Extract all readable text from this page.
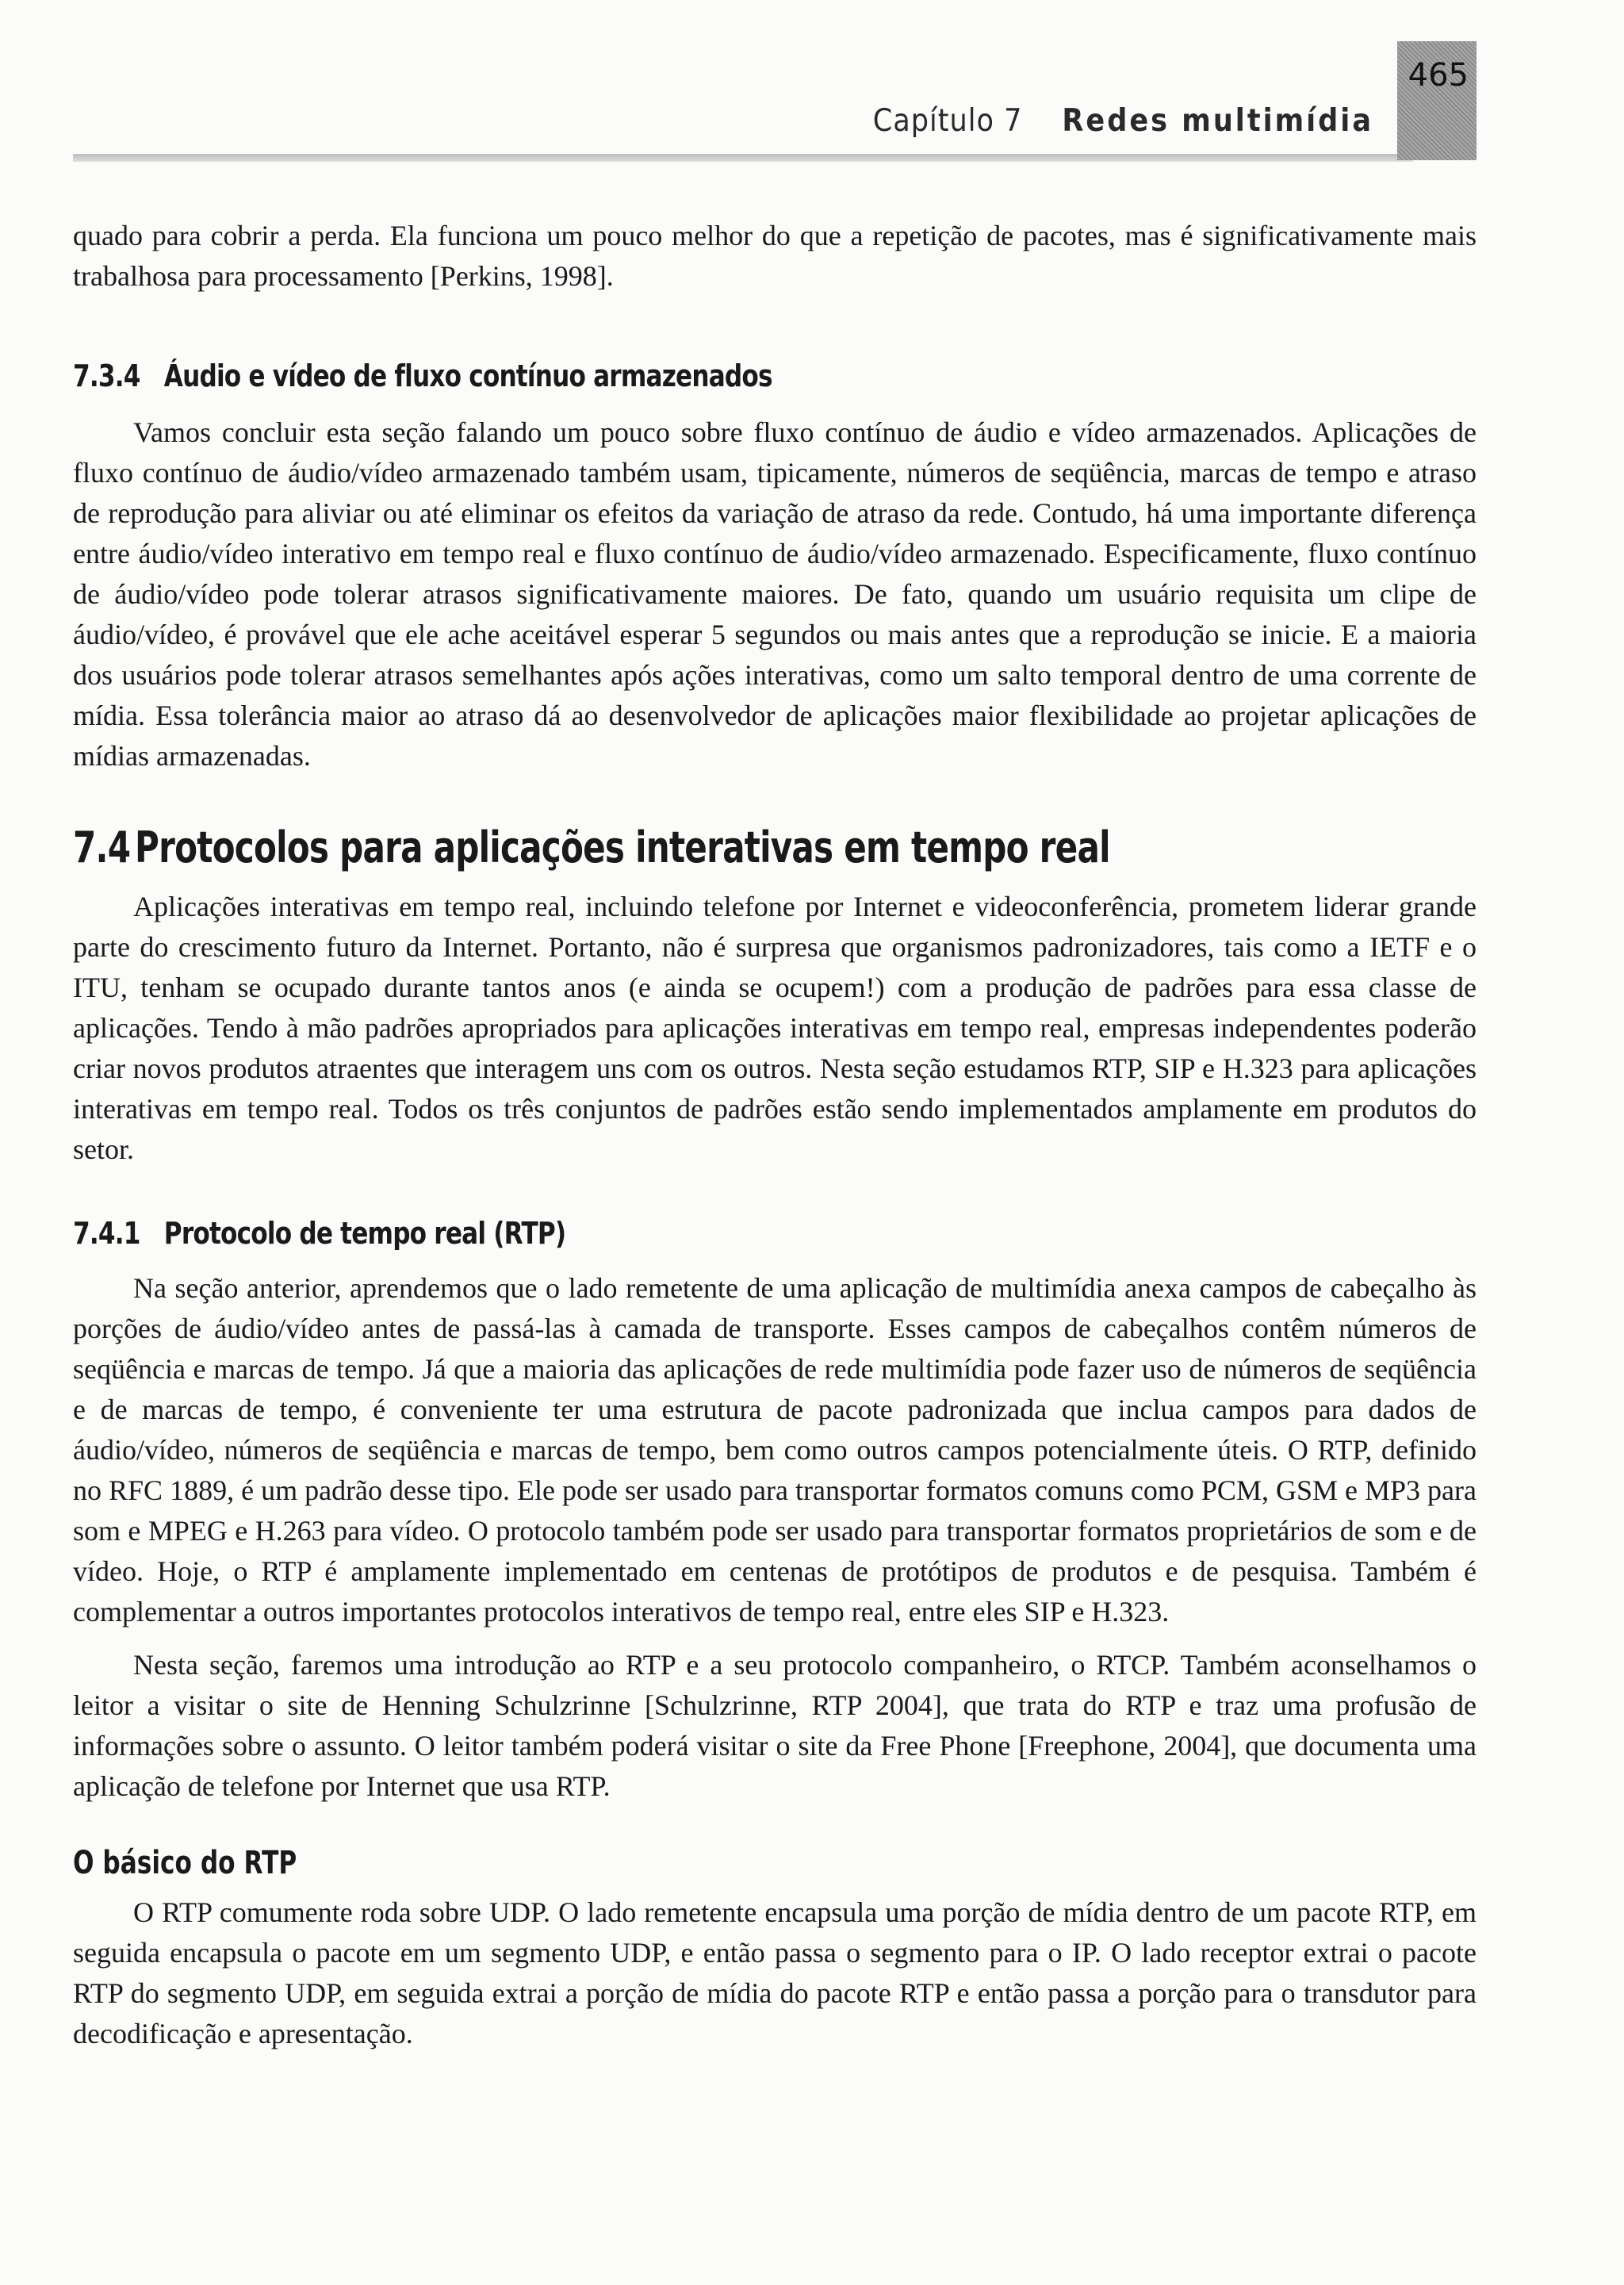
Capítulo 7 Redes multimídia
465

quado para cobrir a perda. Ela funciona um pouco melhor do que a repetição de pacotes, mas é significativamente mais trabalhosa para processamento [Perkins, 1998].

7.3.4 Áudio e vídeo de fluxo contínuo armazenados

Vamos concluir esta seção falando um pouco sobre fluxo contínuo de áudio e vídeo armazenados. Aplicações de fluxo contínuo de áudio/vídeo armazenado também usam, tipicamente, números de seqüência, marcas de tempo e atraso de reprodução para aliviar ou até eliminar os efeitos da variação de atraso da rede. Contudo, há uma importante diferença entre áudio/vídeo interativo em tempo real e fluxo contínuo de áudio/vídeo armazenado. Especificamente, fluxo contínuo de áudio/vídeo pode tolerar atrasos significativamente maiores. De fato, quando um usuário requisita um clipe de áudio/vídeo, é provável que ele ache aceitável esperar 5 segundos ou mais antes que a reprodução se inicie. E a maioria dos usuários pode tolerar atrasos semelhantes após ações interativas, como um salto temporal dentro de uma corrente de mídia. Essa tolerância maior ao atraso dá ao desenvolvedor de aplicações maior flexibilidade ao projetar aplicações de mídias armazenadas.

7.4 Protocolos para aplicações interativas em tempo real

Aplicações interativas em tempo real, incluindo telefone por Internet e videoconferência, prometem liderar grande parte do crescimento futuro da Internet. Portanto, não é surpresa que organismos padronizadores, tais como a IETF e o ITU, tenham se ocupado durante tantos anos (e ainda se ocupem!) com a produção de padrões para essa classe de aplicações. Tendo à mão padrões apropriados para aplicações interativas em tempo real, empresas independentes poderão criar novos produtos atraentes que interagem uns com os outros. Nesta seção estudamos RTP, SIP e H.323 para aplicações interativas em tempo real. Todos os três conjuntos de padrões estão sendo implementados amplamente em produtos do setor.

7.4.1 Protocolo de tempo real (RTP)

Na seção anterior, aprendemos que o lado remetente de uma aplicação de multimídia anexa campos de cabeçalho às porções de áudio/vídeo antes de passá-las à camada de transporte. Esses campos de cabeçalhos contêm números de seqüência e marcas de tempo. Já que a maioria das aplicações de rede multimídia pode fazer uso de números de seqüência e de marcas de tempo, é conveniente ter uma estrutura de pacote padronizada que inclua campos para dados de áudio/vídeo, números de seqüência e marcas de tempo, bem como outros campos potencialmente úteis. O RTP, definido no RFC 1889, é um padrão desse tipo. Ele pode ser usado para transportar formatos comuns como PCM, GSM e MP3 para som e MPEG e H.263 para vídeo. O protocolo também pode ser usado para transportar formatos proprietários de som e de vídeo. Hoje, o RTP é amplamente implementado em centenas de protótipos de produtos e de pesquisa. Também é complementar a outros importantes protocolos interativos de tempo real, entre eles SIP e H.323.

Nesta seção, faremos uma introdução ao RTP e a seu protocolo companheiro, o RTCP. Também aconselhamos o leitor a visitar o site de Henning Schulzrinne [Schulzrinne, RTP 2004], que trata do RTP e traz uma profusão de informações sobre o assunto. O leitor também poderá visitar o site da Free Phone [Freephone, 2004], que documenta uma aplicação de telefone por Internet que usa RTP.

O básico do RTP

O RTP comumente roda sobre UDP. O lado remetente encapsula uma porção de mídia dentro de um pacote RTP, em seguida encapsula o pacote em um segmento UDP, e então passa o segmento para o IP. O lado receptor extrai o pacote RTP do segmento UDP, em seguida extrai a porção de mídia do pacote RTP e então passa a porção para o transdutor para decodificação e apresentação.
